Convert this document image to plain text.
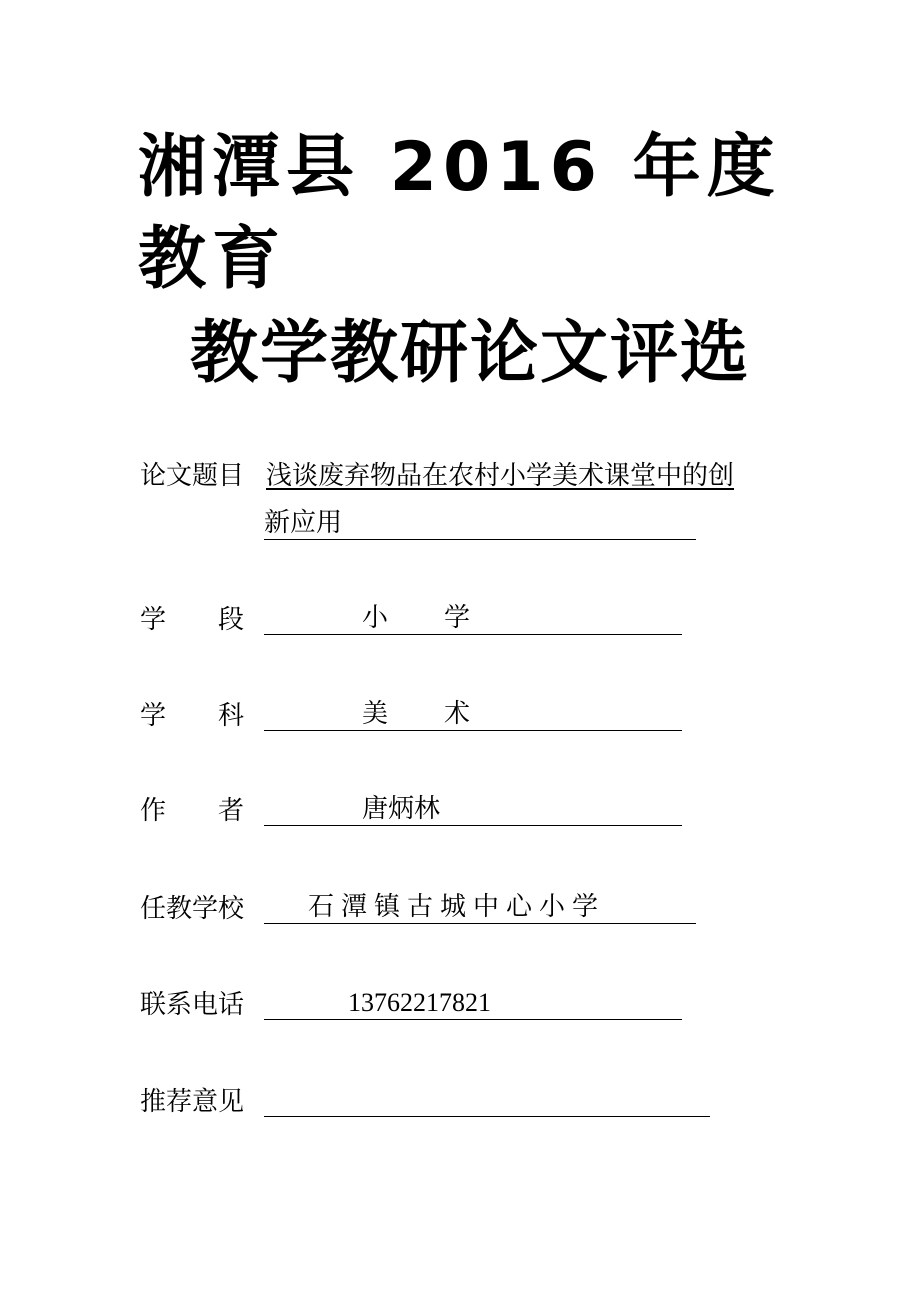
湘潭县 2016 年度教育
教学教研论文评选
论文题目 浅谈废弃物品在农村小学美术课堂中的创
新应用
学段	小学
学科	美术
作者	唐炳林
任教学校 石潭镇古城中心小学
联系电话	13762217821
推荐意见
